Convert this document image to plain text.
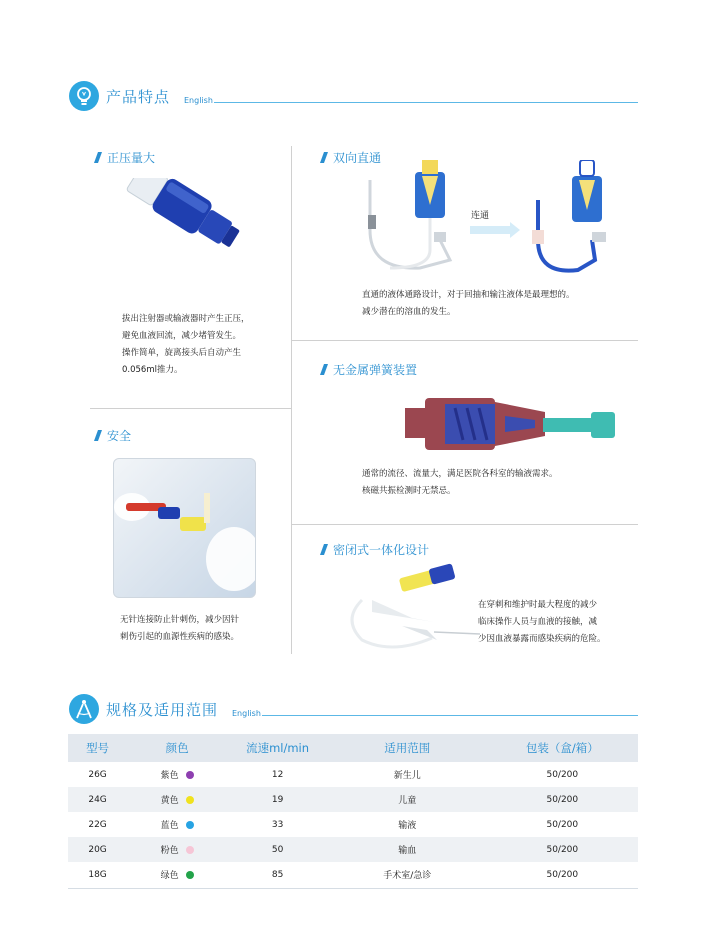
产品特点 English
正压量大
拔出注射器或输液器时产生正压，
避免血液回流，减少堵管发生。
操作简单，旋离接头后自动产生
0.056ml推力。
双向直通
连通
直通的液体通路设计，对于回抽和输注液体是最理想的。
减少潜在的溶血的发生。
无金属弹簧装置
通常的流径、流量大，满足医院各科室的输液需求。
核磁共振检测时无禁忌。
安全
无针连接防止针刺伤，减少因针
刺伤引起的血源性疾病的感染。
密闭式一体化设计
在穿刺和维护时最大程度的减少
临床操作人员与血液的接触，减
少因血液暴露而感染疾病的危险。
规格及适用范围 English
型号	颜色	流速ml/min	适用范围	包装（盒/箱）
26G	紫色	12	新生儿	50/200
24G	黄色	19	儿童	50/200
22G	蓝色	33	输液	50/200
20G	粉色	50	输血	50/200
18G	绿色	85	手术室/急诊	50/200
